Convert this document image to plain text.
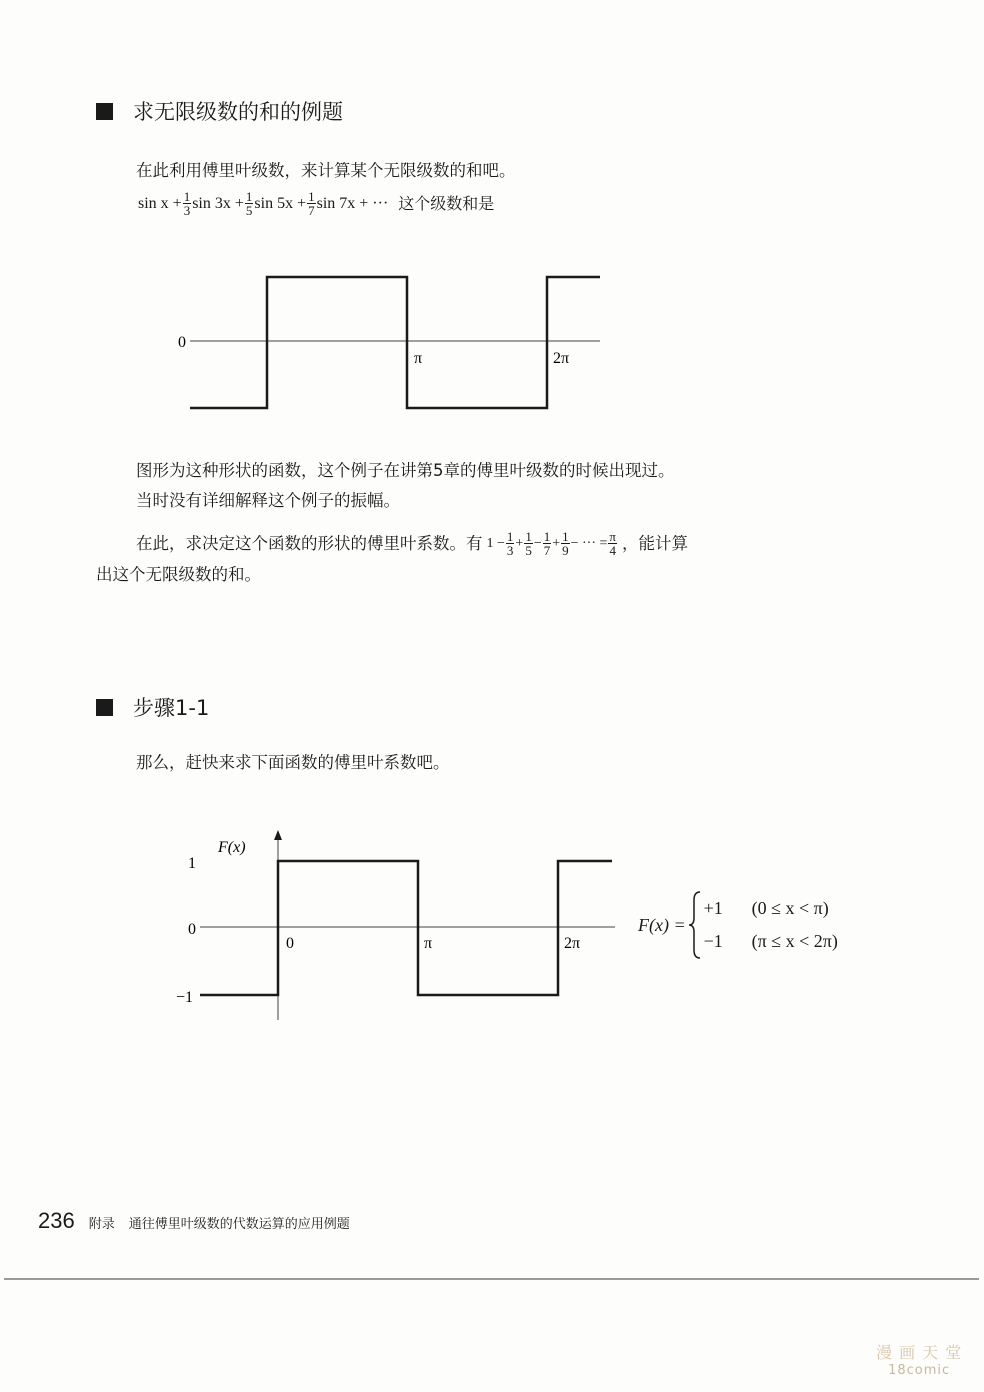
求无限级数的和的例题
在此利用傅里叶级数，来计算某个无限级数的和吧。
$\sin x + \frac{1}{3}$ $\sin 3x + \frac{1}{5}$ $\sin 5x + \frac{1}{7}$ sin 7x + ··· 这个级数和是
0
π	2π
图形为这种形状的函数，这个例子在讲第5章的傅里叶级数的时候出现过。
当时没有详细解释这个例子的振幅。
在此，求决定这个函数的形状的傅里叶系数。有 $1 - \frac{1}{3} + \frac{1}{5} - \frac{1}{7} + \frac{1}{9}$ − ··· = $\frac{\pi}{4}$ ，能计算
出这个无限级数的和。
步骤1-1
那么，赶快来求下面函数的傅里叶系数吧。
F(x)
1
0
−1
0	π	2π
F(x) =
+1	(0 ≤ x < π)
−1	(π ≤ x < 2π)
236 附录 通往傅里叶级数的代数运算的应用例题
漫 画 天 堂
18comic
